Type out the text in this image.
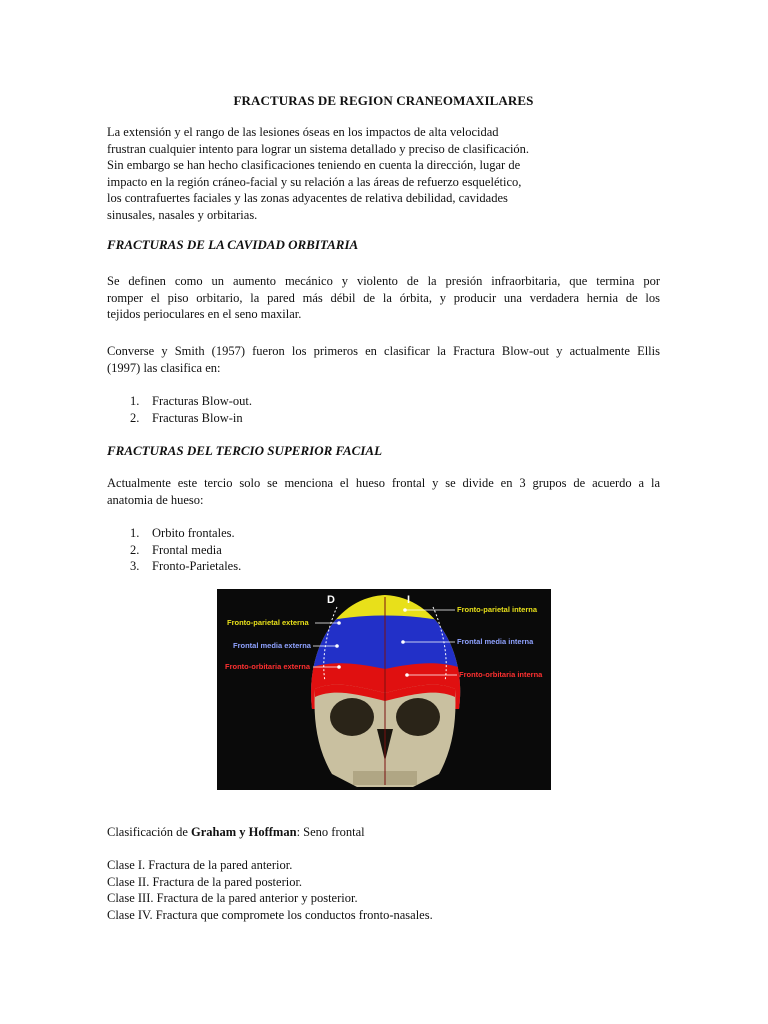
FRACTURAS DE REGION CRANEOMAXILARES

La extensión y el rango de las lesiones óseas en los impactos de alta velocidad
frustran cualquier intento para lograr un sistema detallado y preciso de clasificación.
Sin embargo se han hecho clasificaciones teniendo en cuenta la dirección, lugar de
impacto en la región cráneo-facial y su relación a las áreas de refuerzo esquelético,
los contrafuertes faciales y las zonas adyacentes de relativa debilidad, cavidades
sinusales, nasales y orbitarias.

FRACTURAS DE LA CAVIDAD ORBITARIA

Se definen como un aumento mecánico y violento de la presión infraorbitaria, que termina por
romper el piso orbitario, la pared más débil de la órbita, y producir una verdadera hernia de los
tejidos perioculares en el seno maxilar.

Converse y Smith (1957) fueron los primeros en clasificar la Fractura Blow-out y actualmente Ellis
(1997) las clasifica en:

1. Fracturas Blow-out.
2. Fracturas Blow-in

FRACTURAS DEL TERCIO SUPERIOR FACIAL

Actualmente este tercio solo se menciona el hueso frontal y se divide en 3 grupos de acuerdo a la
anatomia de hueso:

1. Orbito frontales.
2. Frontal media
3. Fronto-Parietales.

Clasificación de Graham y Hoffman: Seno frontal

Clase I. Fractura de la pared anterior.
Clase II. Fractura de la pared posterior.
Clase III. Fractura de la pared anterior y posterior.
Clase IV. Fractura que compromete los conductos fronto-nasales.
D	I
Fronto-parietal externa
Frontal media externa
Fronto-orbitaria externa
Fronto-parietal interna
Frontal media interna
Fronto-orbitaria interna
